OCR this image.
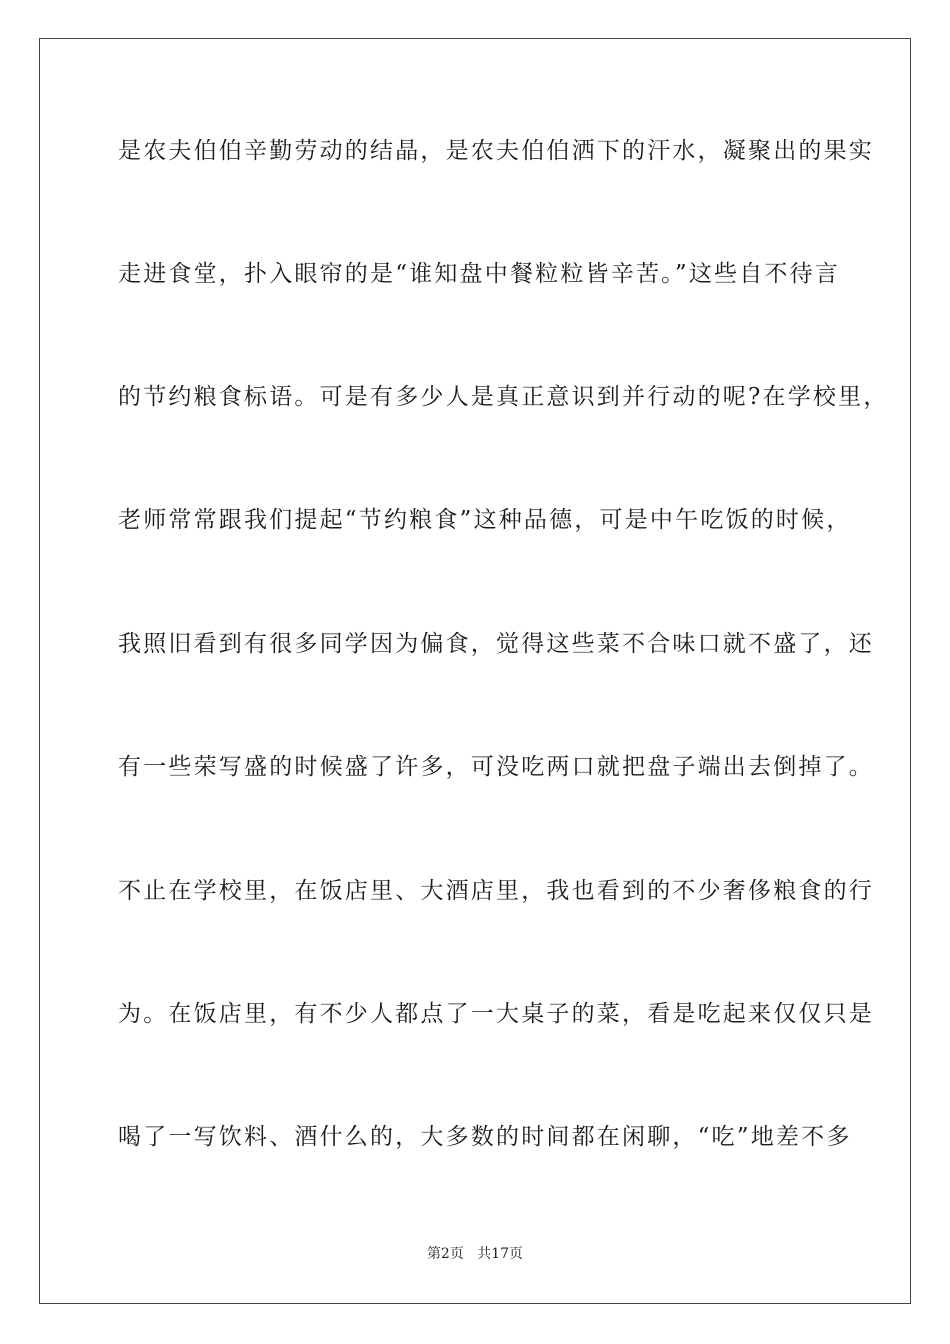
是农夫伯伯辛勤劳动的结晶，是农夫伯伯洒下的汗水，凝聚出的果实
走进食堂，扑入眼帘的是“谁知盘中餐粒粒皆辛苦。”这些自不待言
的节约粮食标语。可是有多少人是真正意识到并行动的呢?在学校里，
老师常常跟我们提起“节约粮食”这种品德，可是中午吃饭的时候，
我照旧看到有很多同学因为偏食，觉得这些菜不合味口就不盛了，还
有一些荣写盛的时候盛了许多，可没吃两口就把盘子端出去倒掉了。
不止在学校里，在饭店里、大酒店里，我也看到的不少奢侈粮食的行
为。在饭店里，有不少人都点了一大桌子的菜，看是吃起来仅仅只是
喝了一写饮料、酒什么的，大多数的时间都在闲聊，“吃”地差不多
第2页 共17页
